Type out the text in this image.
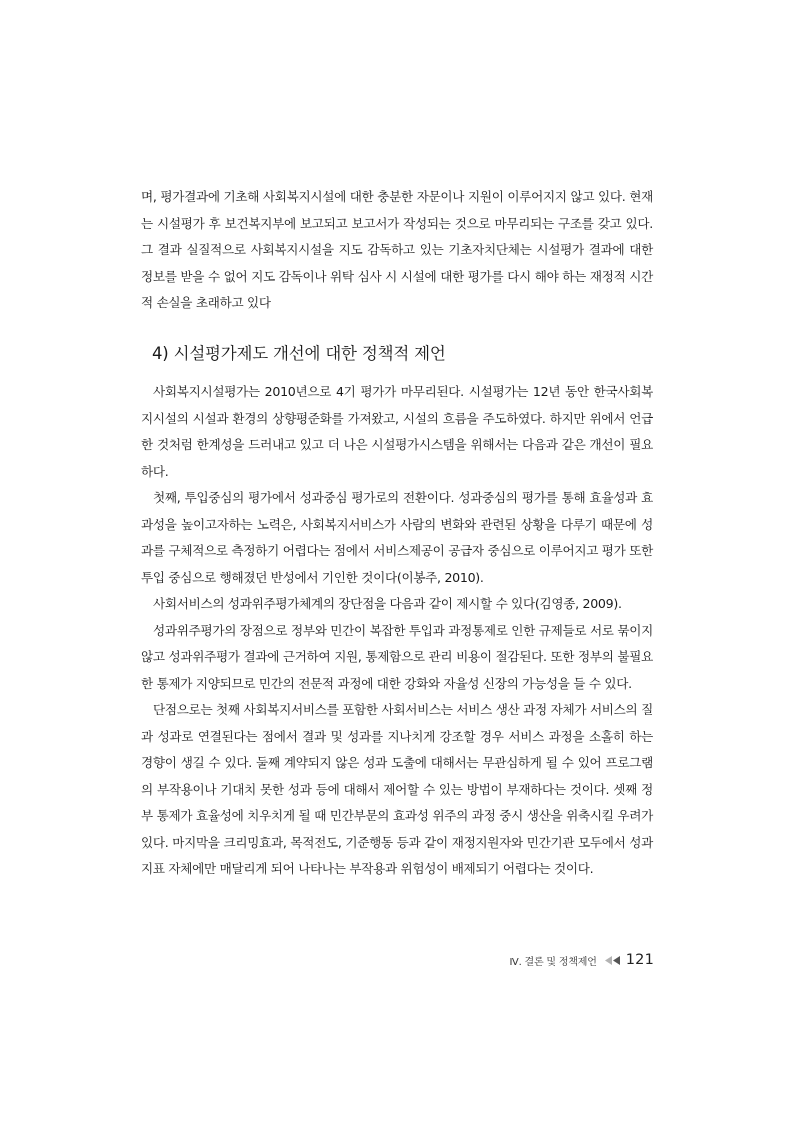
며, 평가결과에 기초해 사회복지시설에 대한 충분한 자문이나 지원이 이루어지지 않고 있다. 현재는 시설평가 후 보건복지부에 보고되고 보고서가 작성되는 것으로 마무리되는 구조를 갖고 있다. 그 결과 실질적으로 사회복지시설을 지도 감독하고 있는 기초자치단체는 시설평가 결과에 대한 정보를 받을 수 없어 지도 감독이나 위탁 심사 시 시설에 대한 평가를 다시 해야 하는 재정적 시간적 손실을 초래하고 있다

4) 시설평가제도 개선에 대한 정책적 제언

사회복지시설평가는 2010년으로 4기 평가가 마무리된다. 시설평가는 12년 동안 한국사회복지시설의 시설과 환경의 상향평준화를 가져왔고, 시설의 흐름을 주도하였다. 하지만 위에서 언급한 것처럼 한계성을 드러내고 있고 더 나은 시설평가시스템을 위해서는 다음과 같은 개선이 필요하다.

첫째, 투입중심의 평가에서 성과중심 평가로의 전환이다. 성과중심의 평가를 통해 효율성과 효과성을 높이고자하는 노력은, 사회복지서비스가 사람의 변화와 관련된 상황을 다루기 때문에 성과를 구체적으로 측정하기 어렵다는 점에서 서비스제공이 공급자 중심으로 이루어지고 평가 또한 투입 중심으로 행해졌던 반성에서 기인한 것이다(이봉주, 2010).

사회서비스의 성과위주평가체계의 장단점을 다음과 같이 제시할 수 있다(김영종, 2009).

성과위주평가의 장점으로 정부와 민간이 복잡한 투입과 과정통제로 인한 규제들로 서로 묶이지 않고 성과위주평가 결과에 근거하여 지원, 통제함으로 관리 비용이 절감된다. 또한 정부의 불필요한 통제가 지양되므로 민간의 전문적 과정에 대한 강화와 자율성 신장의 가능성을 들 수 있다.

단점으로는 첫째 사회복지서비스를 포함한 사회서비스는 서비스 생산 과정 자체가 서비스의 질과 성과로 연결된다는 점에서 결과 및 성과를 지나치게 강조할 경우 서비스 과정을 소홀히 하는 경향이 생길 수 있다. 둘째 계약되지 않은 성과 도출에 대해서는 무관심하게 될 수 있어 프로그램의 부작용이나 기대치 못한 성과 등에 대해서 제어할 수 있는 방법이 부재하다는 것이다. 셋째 정부 통제가 효율성에 치우치게 될 때 민간부문의 효과성 위주의 과정 중시 생산을 위축시킬 우려가 있다. 마지막을 크리밍효과, 목적전도, 기준행동 등과 같이 재정지원자와 민간기관 모두에서 성과지표 자체에만 매달리게 되어 나타나는 부작용과 위험성이 배제되기 어렵다는 것이다.

Ⅳ. 결론 및 정책제언 121
